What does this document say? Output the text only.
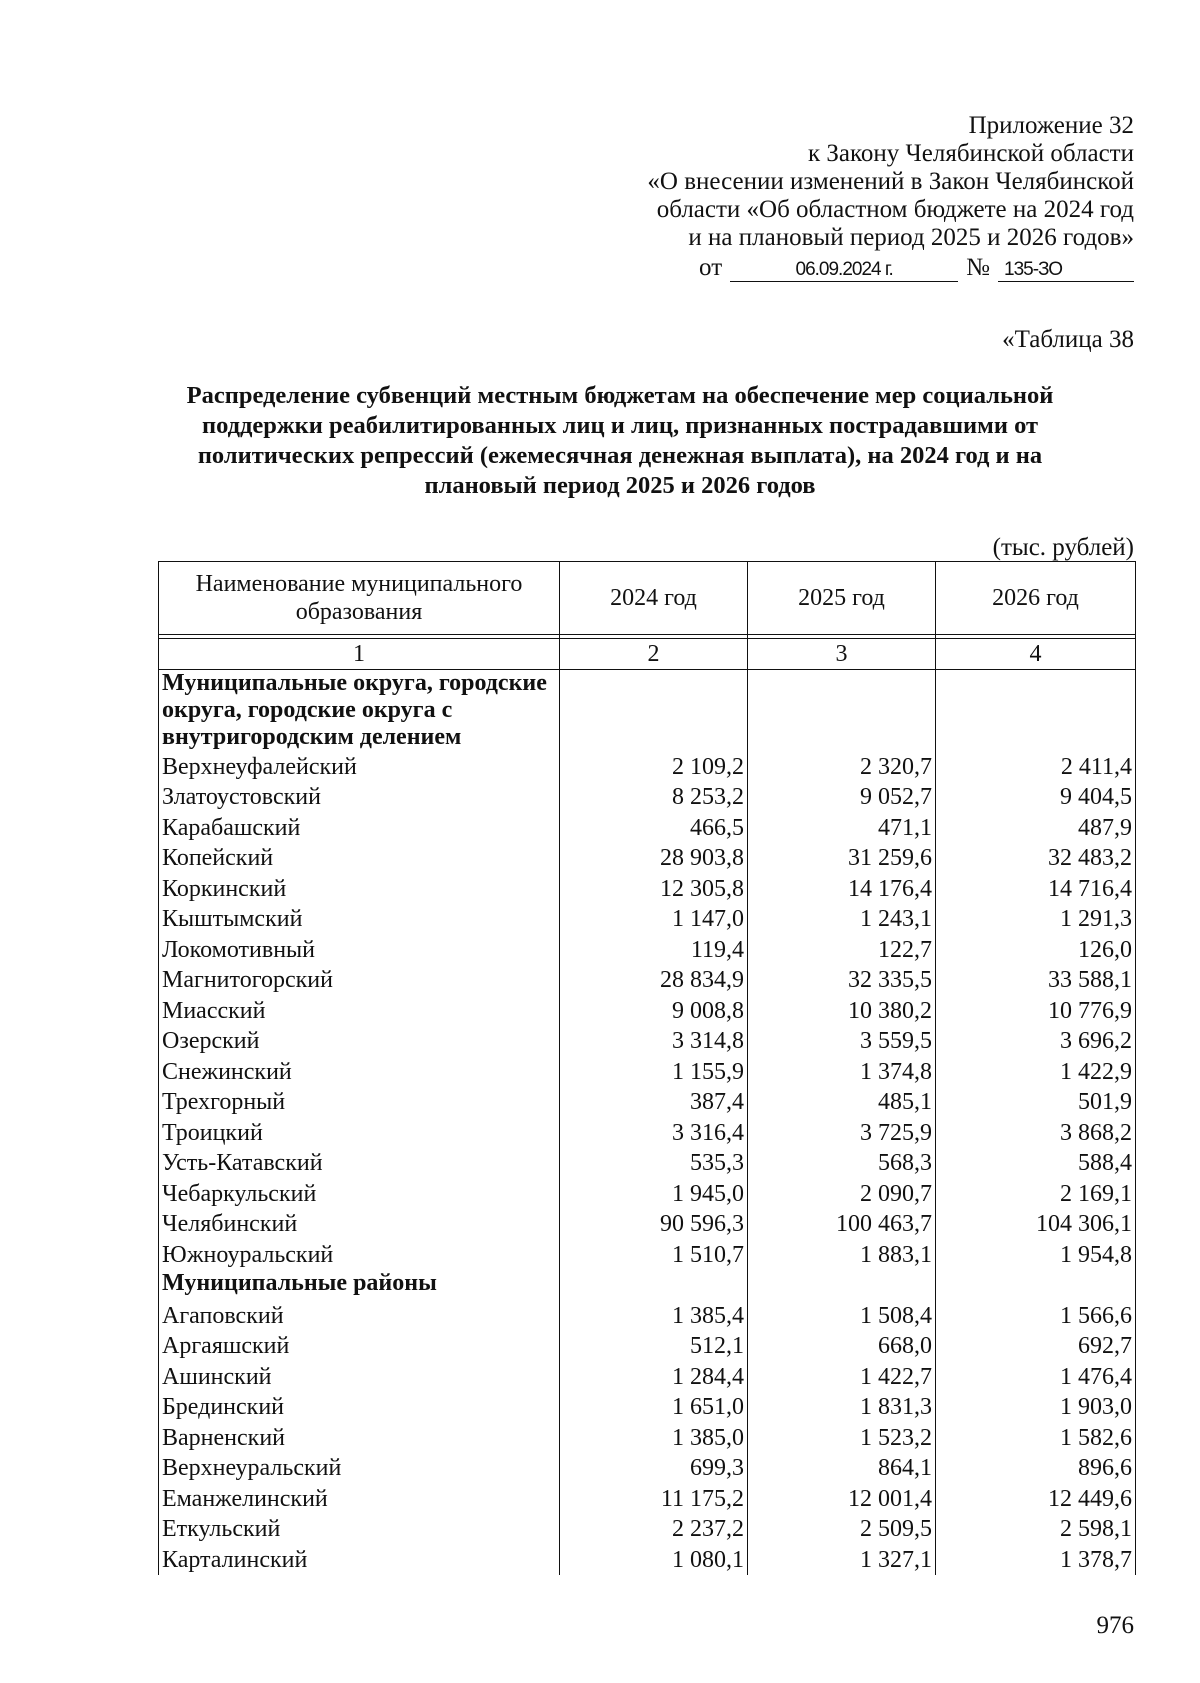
Приложение 32
к Закону Челябинской области
«О внесении изменений в Закон Челябинской
области «Об областном бюджете на 2024 год
и на плановый период 2025 и 2026 годов»
от	06.09.2024 г.	№ 135-ЗО
«Таблица 38
Распределение субвенций местным бюджетам на обеспечение мер социальной поддержки реабилитированных лиц и лиц, признанных пострадавшими от политических репрессий (ежемесячная денежная выплата), на 2024 год и на плановый период 2025 и 2026 годов
(тыс. рублей)
Наименование муниципального образования	2024 год	2025 год	2026 год

1	2	3	4
Муниципальные округа, городские округа, городские округа с внутригородским делением			
Верхнеуфалейский	2 109,2	2 320,7	2 411,4
Златоустовский	8 253,2	9 052,7	9 404,5
Карабашский	466,5	471,1	487,9
Копейский	28 903,8	31 259,6	32 483,2
Коркинский	12 305,8	14 176,4	14 716,4
Кыштымский	1 147,0	1 243,1	1 291,3
Локомотивный	119,4	122,7	126,0
Магнитогорский	28 834,9	32 335,5	33 588,1
Миасский	9 008,8	10 380,2	10 776,9
Озерский	3 314,8	3 559,5	3 696,2
Снежинский	1 155,9	1 374,8	1 422,9
Трехгорный	387,4	485,1	501,9
Троицкий	3 316,4	3 725,9	3 868,2
Усть-Катавский	535,3	568,3	588,4
Чебаркульский	1 945,0	2 090,7	2 169,1
Челябинский	90 596,3	100 463,7	104 306,1
Южноуральский	1 510,7	1 883,1	1 954,8
Муниципальные районы			
Агаповский	1 385,4	1 508,4	1 566,6
Аргаяшский	512,1	668,0	692,7
Ашинский	1 284,4	1 422,7	1 476,4
Брединский	1 651,0	1 831,3	1 903,0
Варненский	1 385,0	1 523,2	1 582,6
Верхнеуральский	699,3	864,1	896,6
Еманжелинский	11 175,2	12 001,4	12 449,6
Еткульский	2 237,2	2 509,5	2 598,1
Карталинский	1 080,1	1 327,1	1 378,7
976
